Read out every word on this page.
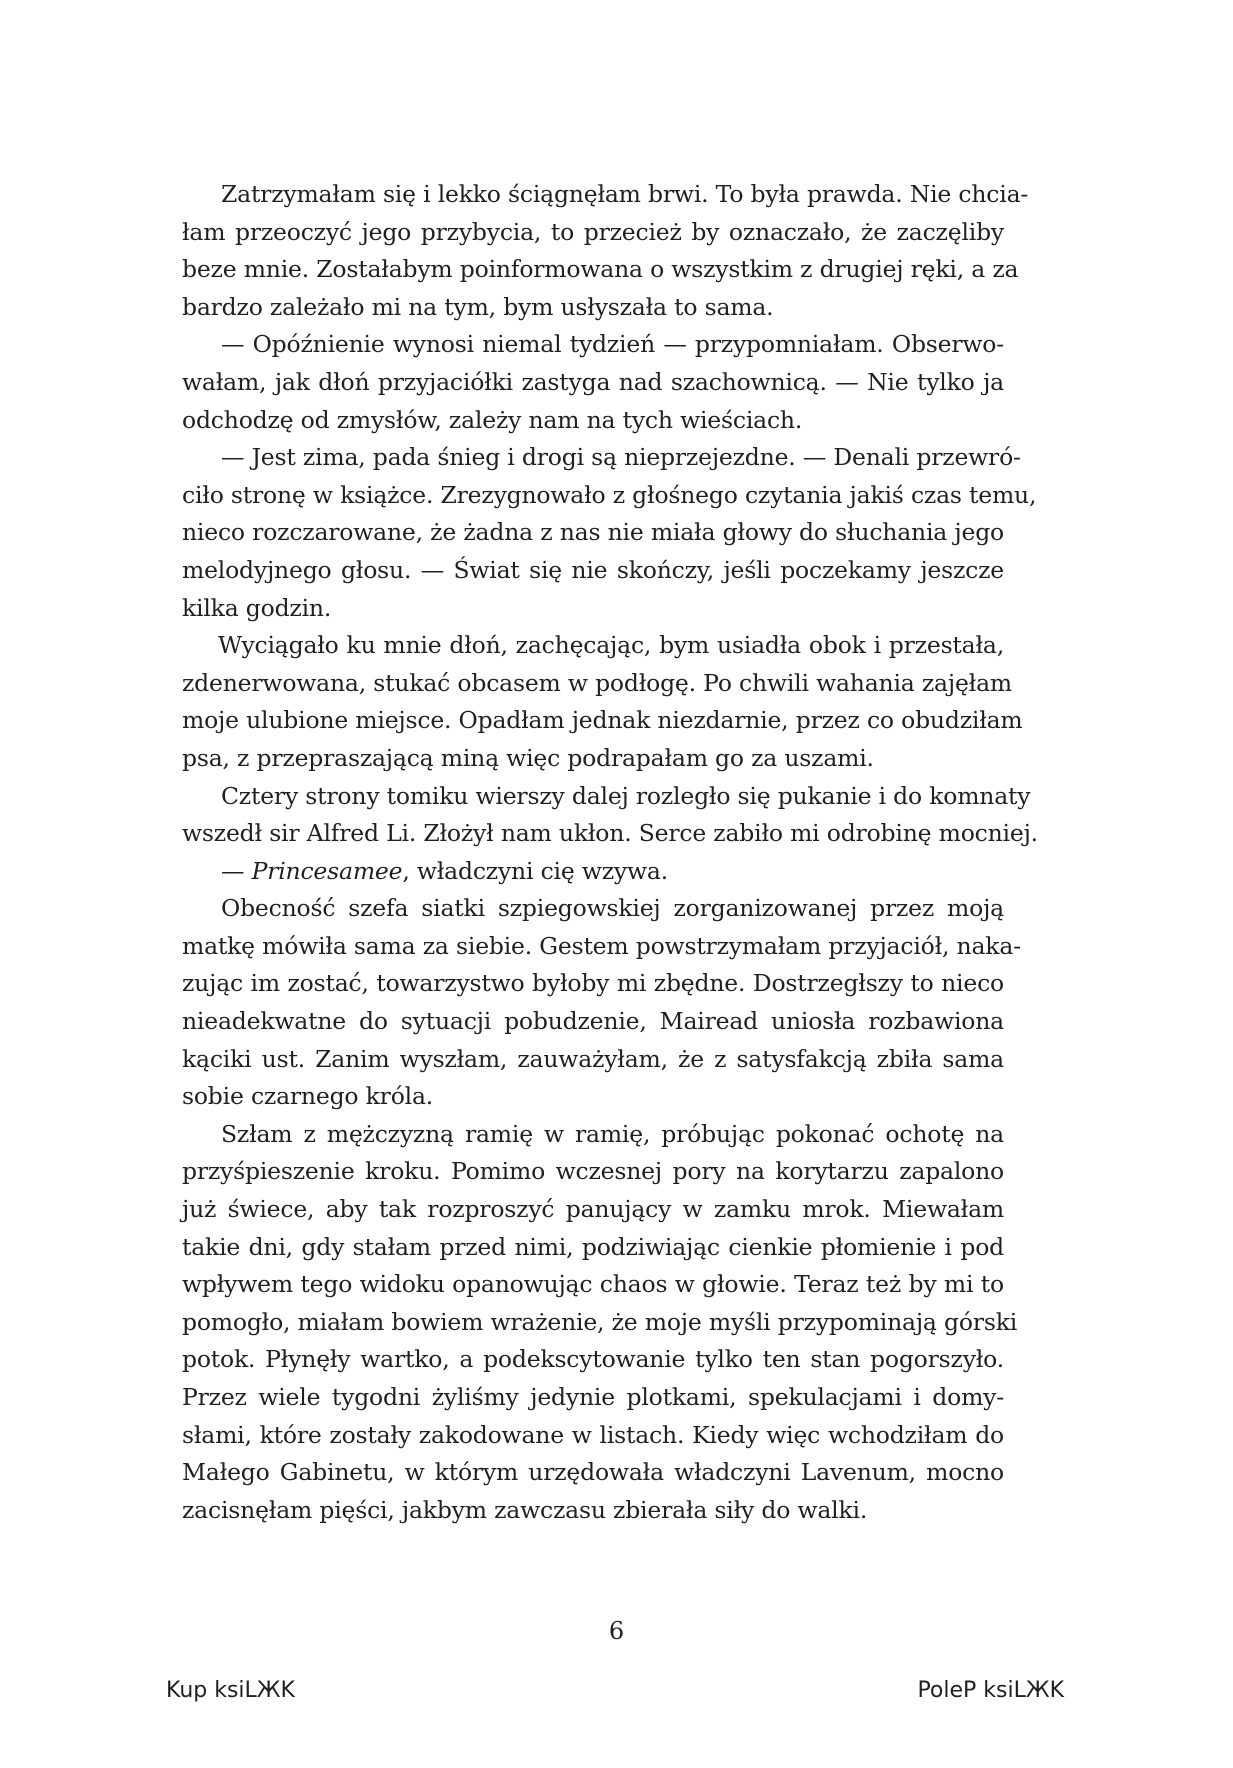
Zatrzymałam się i lekko ściągnęłam brwi. To była prawda. Nie chcia-
łam przeoczyć jego przybycia, to przecież by oznaczało, że zaczęliby
beze mnie. Zostałabym poinformowana o wszystkim z drugiej ręki, a za
bardzo zależało mi na tym, bym usłyszała to sama.
— Opóźnienie wynosi niemal tydzień — przypomniałam. Obserwo-
wałam, jak dłoń przyjaciółki zastyga nad szachownicą. — Nie tylko ja
odchodzę od zmysłów, zależy nam na tych wieściach.
— Jest zima, pada śnieg i drogi są nieprzejezdne. — Denali przewró-
ciło stronę w książce. Zrezygnowało z głośnego czytania jakiś czas temu,
nieco rozczarowane, że żadna z nas nie miała głowy do słuchania jego
melodyjnego głosu. — Świat się nie skończy, jeśli poczekamy jeszcze
kilka godzin.
Wyciągało ku mnie dłoń, zachęcając, bym usiadła obok i przestała,
zdenerwowana, stukać obcasem w podłogę. Po chwili wahania zajęłam
moje ulubione miejsce. Opadłam jednak niezdarnie, przez co obudziłam
psa, z przepraszającą miną więc podrapałam go za uszami.
Cztery strony tomiku wierszy dalej rozległo się pukanie i do komnaty
wszedł sir Alfred Li. Złożył nam ukłon. Serce zabiło mi odrobinę mocniej.
— Princesamee, władczyni cię wzywa.
Obecność szefa siatki szpiegowskiej zorganizowanej przez moją
matkę mówiła sama za siebie. Gestem powstrzymałam przyjaciół, naka-
zując im zostać, towarzystwo byłoby mi zbędne. Dostrzegłszy to nieco
nieadekwatne do sytuacji pobudzenie, Mairead uniosła rozbawiona
kąciki ust. Zanim wyszłam, zauważyłam, że z satysfakcją zbiła sama
sobie czarnego króla.
Szłam z mężczyzną ramię w ramię, próbując pokonać ochotę na
przyśpieszenie kroku. Pomimo wczesnej pory na korytarzu zapalono
już świece, aby tak rozproszyć panujący w zamku mrok. Miewałam
takie dni, gdy stałam przed nimi, podziwiając cienkie płomienie i pod
wpływem tego widoku opanowując chaos w głowie. Teraz też by mi to
pomogło, miałam bowiem wrażenie, że moje myśli przypominają górski
potok. Płynęły wartko, a podekscytowanie tylko ten stan pogorszyło.
Przez wiele tygodni żyliśmy jedynie plotkami, spekulacjami i domy-
słami, które zostały zakodowane w listach. Kiedy więc wchodziłam do
Małego Gabinetu, w którym urzędowała władczyni Lavenum, mocno
zacisnęłam pięści, jakbym zawczasu zbierała siły do walki.
6
Kup ksiLЖK	PoleP ksiLЖK
